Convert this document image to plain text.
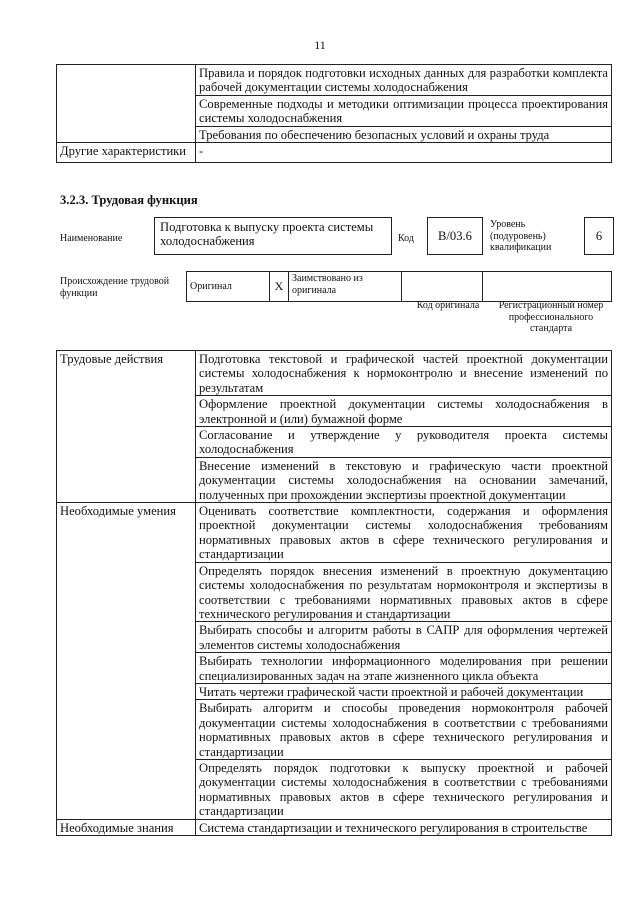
11
	Правила и порядок подготовки исходных данных для разработки комплекта рабочей документации системы холодоснабжения
	Современные подходы и методики оптимизации процесса проектирования системы холодоснабжения
	Требования по обеспечению безопасных условий и охраны труда
Другие характеристики	-
3.2.3. Трудовая функция
Наименование
Подготовка к выпуску проекта системы холодоснабжения	Код	В/03.6
Уровень (подуровень) квалификации
6
Происхождение трудовой функции
Оригинал	X	Заимствовано из оригинала		
Код оригинала	Регистрационный номер профессионального стандарта
Трудовые действия	Подготовка текстовой и графической частей проектной документации системы холодоснабжения к нормоконтролю и внесение изменений по результатам
	Оформление проектной документации системы холодоснабжения в электронной и (или) бумажной форме
	Согласование и утверждение у руководителя проекта системы холодоснабжения
	Внесение изменений в текстовую и графическую части проектной документации системы холодоснабжения на основании замечаний, полученных при прохождении экспертизы проектной документации
Необходимые умения	Оценивать соответствие комплектности, содержания и оформления проектной документации системы холодоснабжения требованиям нормативных правовых актов в сфере технического регулирования и стандартизации
	Определять порядок внесения изменений в проектную документацию системы холодоснабжения по результатам нормоконтроля и экспертизы в соответствии с требованиями нормативных правовых актов в сфере технического регулирования и стандартизации
	Выбирать способы и алгоритм работы в САПР для оформления чертежей элементов системы холодоснабжения
	Выбирать технологии информационного моделирования при решении специализированных задач на этапе жизненного цикла объекта
	Читать чертежи графической части проектной и рабочей документации
	Выбирать алгоритм и способы проведения нормоконтроля рабочей документации системы холодоснабжения в соответствии с требованиями нормативных правовых актов в сфере технического регулирования и стандартизации
	Определять порядок подготовки к выпуску проектной и рабочей документации системы холодоснабжения в соответствии с требованиями нормативных правовых актов в сфере технического регулирования и стандартизации
Необходимые знания	Система стандартизации и технического регулирования в строительстве
